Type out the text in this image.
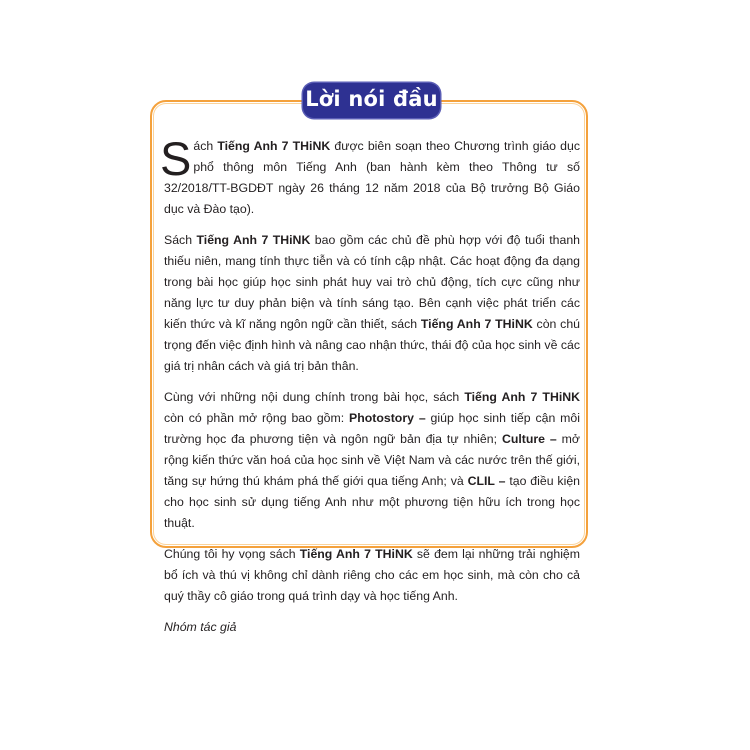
Lời nói đầu

Sách Tiếng Anh 7 THiNK được biên soạn theo Chương trình giáo dục phổ thông môn Tiếng Anh (ban hành kèm theo Thông tư số 32/2018/TT-BGDĐT ngày 26 tháng 12 năm 2018 của Bộ trưởng Bộ Giáo dục và Đào tạo).

Sách Tiếng Anh 7 THiNK bao gồm các chủ đề phù hợp với độ tuổi thanh thiếu niên, mang tính thực tiễn và có tính cập nhật. Các hoạt động đa dạng trong bài học giúp học sinh phát huy vai trò chủ động, tích cực cũng như năng lực tư duy phản biện và tính sáng tạo. Bên cạnh việc phát triển các kiến thức và kĩ năng ngôn ngữ cần thiết, sách Tiếng Anh 7 THiNK còn chú trọng đến việc định hình và nâng cao nhận thức, thái độ của học sinh về các giá trị nhân cách và giá trị bản thân.

Cùng với những nội dung chính trong bài học, sách Tiếng Anh 7 THiNK còn có phần mở rộng bao gồm: Photostory – giúp học sinh tiếp cận môi trường học đa phương tiện và ngôn ngữ bản địa tự nhiên; Culture – mở rộng kiến thức văn hoá của học sinh về Việt Nam và các nước trên thế giới, tăng sự hứng thú khám phá thế giới qua tiếng Anh; và CLIL – tạo điều kiện cho học sinh sử dụng tiếng Anh như một phương tiện hữu ích trong học thuật.

Chúng tôi hy vọng sách Tiếng Anh 7 THiNK sẽ đem lại những trải nghiệm bổ ích và thú vị không chỉ dành riêng cho các em học sinh, mà còn cho cả quý thầy cô giáo trong quá trình dạy và học tiếng Anh.

Nhóm tác giả
